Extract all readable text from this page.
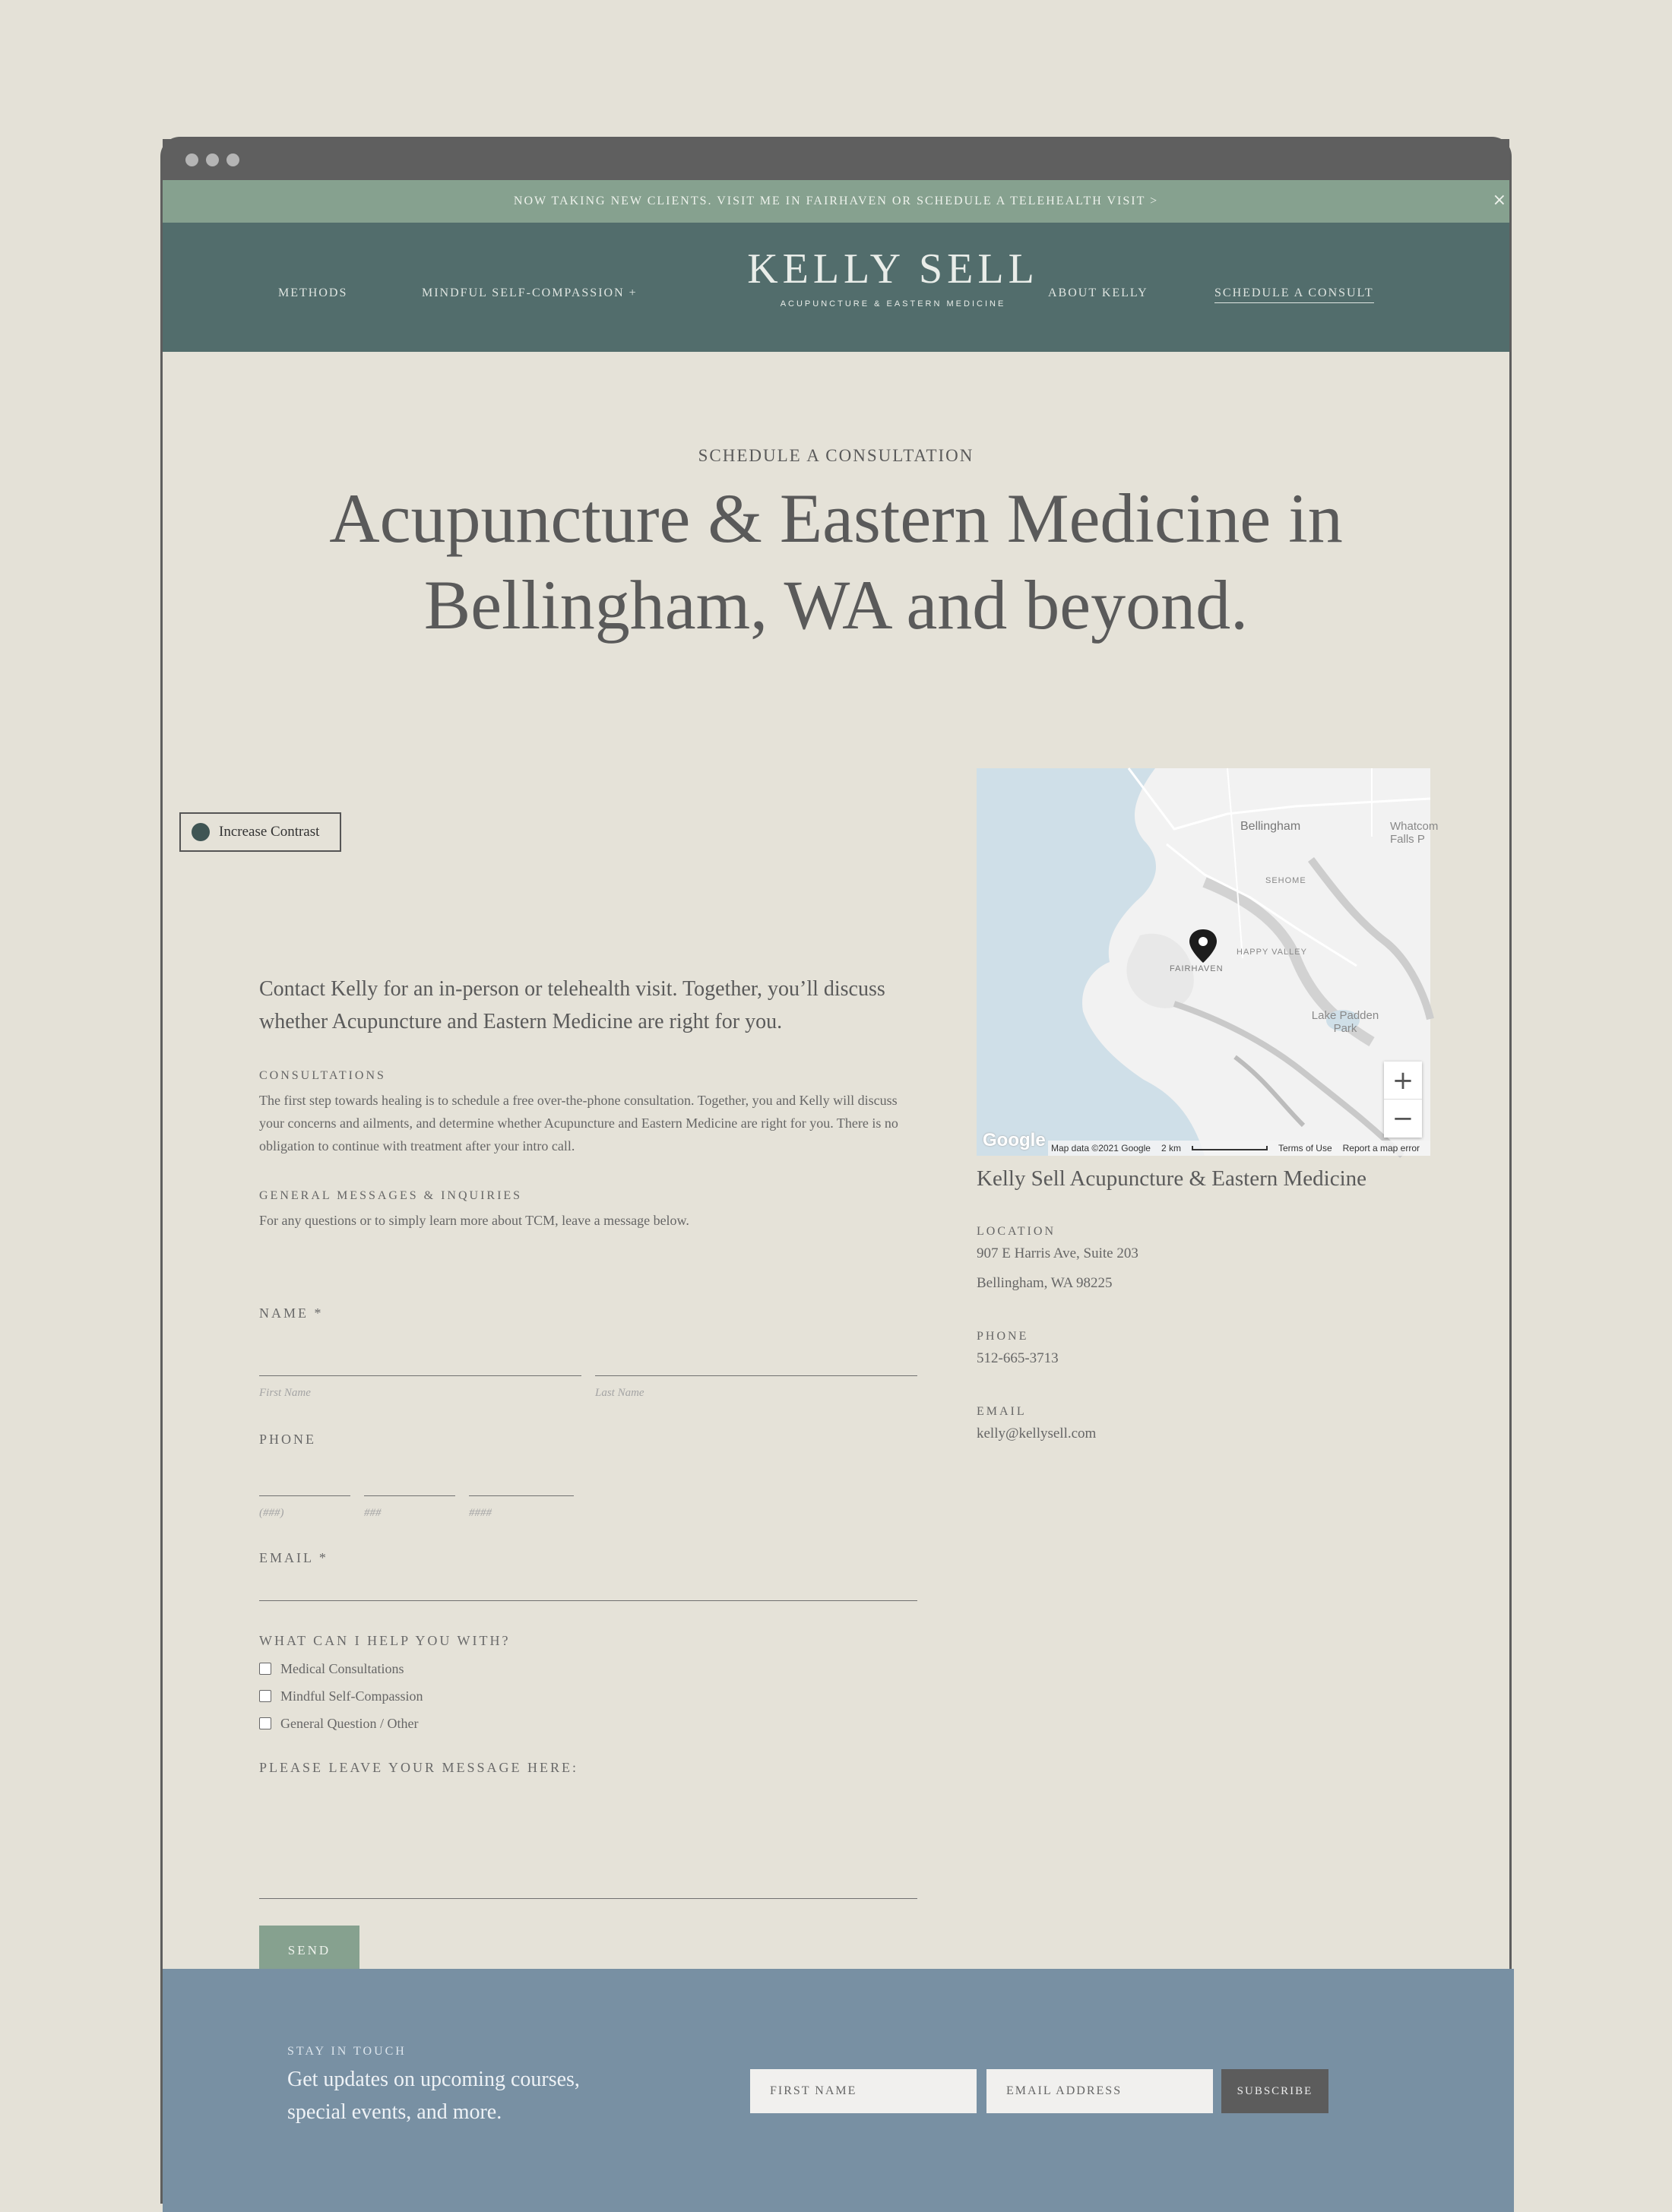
NOW TAKING NEW CLIENTS. VISIT ME IN FAIRHAVEN OR SCHEDULE A TELEHEALTH VISIT >	×
METHODS	MINDFUL SELF-COMPASSION +
KELLY SELL
ACUPUNCTURE & EASTERN MEDICINE
ABOUT KELLY	SCHEDULE A CONSULT
SCHEDULE A CONSULTATION
Acupuncture & Eastern Medicine in
Bellingham, WA and beyond.

Contact Kelly for an in-person or telehealth visit. Together, you’ll discuss whether Acupuncture and Eastern Medicine are right for you.

CONSULTATIONS

The first step towards healing is to schedule a free over-the-phone consultation. Together, you and Kelly will discuss your concerns and ailments, and determine whether Acupuncture and Eastern Medicine are right for you. There is no obligation to continue with treatment after your intro call.

GENERAL MESSAGES & INQUIRIES

For any questions or to simply learn more about TCM, leave a message below.

NAME *
First Name	Last Name
PHONE
(###)	###	####
EMAIL *
WHAT CAN I HELP YOU WITH?
Medical Consultations
Mindful Self-Compassion
General Question / Other
PLEASE LEAVE YOUR MESSAGE HERE:
SEND
Bellingham	Whatcom Falls P
SEHOME
FAIRHAVEN
HAPPY VALLEY
Lake Padden Park
+
−
Google Map data ©2021 Google 2 km	Terms of Use Report a map error
Kelly Sell Acupuncture & Eastern Medicine
LOCATION
907 E Harris Ave, Suite 203
Bellingham, WA 98225
PHONE
512-665-3713
EMAIL
kelly@kellysell.com
STAY IN TOUCH
Get updates on upcoming courses, special events, and more.
FIRST NAME
EMAIL ADDRESS
SUBSCRIBE
Increase Contrast
